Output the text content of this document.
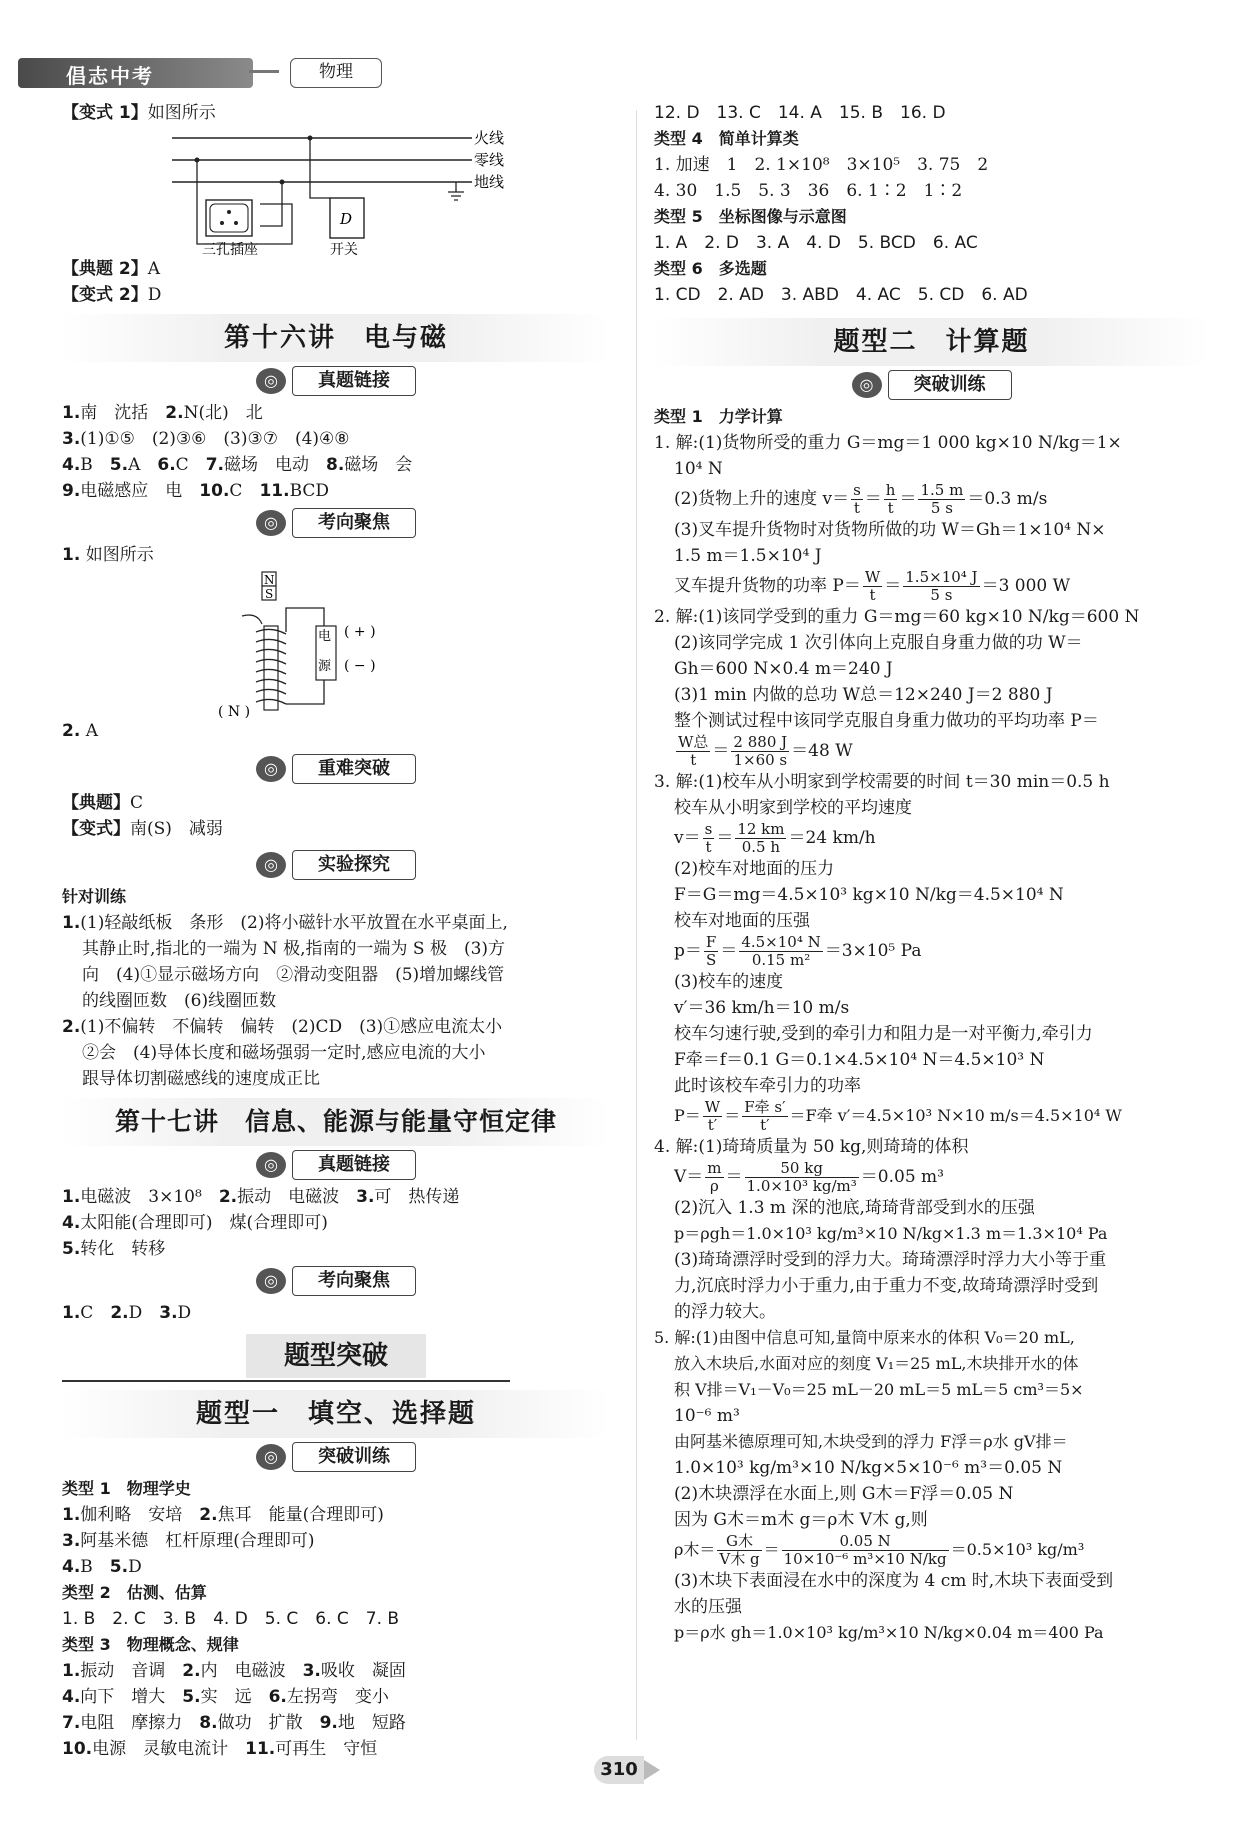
倡志中考	物理
【变式 1】如图所示
火线
零线
地线
D
三孔插座	开关
【典题 2】A
【变式 2】D
第十六讲　电与磁
◎	真题链接
1.南　沈括　2.N(北)　北
3.(1)①⑤　(2)③⑥　(3)③⑦　(4)④⑧
4.B　5.A　6.C　7.磁场　电动　8.磁场　会
9.电磁感应　电　10.C　11.BCD
◎	考向聚焦
1. 如图所示
N
S
电
源
( + )
( − )
( N )
2. A
◎	重难突破
【典题】C
【变式】南(S)　减弱
◎	实验探究
针对训练
1.(1)轻敲纸板　条形　(2)将小磁针水平放置在水平桌面上,
其静止时,指北的一端为 N 极,指南的一端为 S 极　(3)方
向　(4)①显示磁场方向　②滑动变阻器　(5)增加螺线管
的线圈匝数　(6)线圈匝数
2.(1)不偏转　不偏转　偏转　(2)CD　(3)①感应电流太小
②会　(4)导体长度和磁场强弱一定时,感应电流的大小
跟导体切割磁感线的速度成正比
第十七讲　信息、能源与能量守恒定律
◎	真题链接
1.电磁波　3×10⁸　2.振动　电磁波　3.可　热传递
4.太阳能(合理即可)　煤(合理即可)
5.转化　转移
◎	考向聚焦
1.C　2.D　3.D
题型突破
题型一　填空、选择题
◎	突破训练
类型 1　 物理学史
1.伽利略　安培　2.焦耳　能量(合理即可)
3.阿基米德　杠杆原理(合理即可)
4.B　5.D
类型 2　 估测、估算
1. B　2. C　3. B　4. D　5. C　6. C　7. B
类型 3　 物理概念、规律
1.振动　音调　2.内　电磁波　3.吸收　凝固
4.向下　增大　5.实　远　6.左拐弯　变小
7.电阻　摩擦力　8.做功　扩散　9.地　短路
10.电源　灵敏电流计　11.可再生　守恒
12. D　13. C　14. A　15. B　16. D
类型 4　 简单计算类
1. 加速　1　2. 1×10⁸　3×10⁵　3. 75　2
4. 30　1.5　5. 3　36　6. 1∶2　1∶2
类型 5　 坐标图像与示意图
1. A　2. D　3. A　4. D　5. BCD　6. AC
类型 6　 多选题
1. CD　2. AD　3. ABD　4. AC　5. CD　6. AD
题型二　计算题
◎	突破训练
类型 1　 力学计算
1. 解:(1)货物所受的重力 G＝mg＝1 000 kg×10 N/kg＝1×
10⁴ N
(2)货物上升的速度 $v= \frac{s}{t} = \frac{h}{t} = \frac{1.5 m}{5 s} =0.3$ m/s
(3)叉车提升货物时对货物所做的功 W＝Gh＝1×10⁴ N×
1.5 m＝1.5×10⁴ J
叉车提升货物的功率 $P= \frac{W}{t} = \frac{\text{1.5×10⁴ J}}{5 s} =3$ 000 W
2. 解:(1)该同学受到的重力 G＝mg＝60 kg×10 N/kg＝600 N
(2)该同学完成 1 次引体向上克服自身重力做的功 W＝
Gh＝600 N×0.4 m＝240 J
(3)1 min 内做的总功 W总＝12×240 J＝2 880 J
整个测试过程中该同学克服自身重力做功的平均功率 P＝
$\frac{\text{W总}}{t} = \frac{2 880 J}{1\times 60 s} =48$ W
3. 解:(1)校车从小明家到学校需要的时间 t＝30 min＝0.5 h
校车从小明家到学校的平均速度
$v= \frac{s}{t} = \frac{12 km}{0.5 h} =24$ km/h
(2)校车对地面的压力
F＝G＝mg＝4.5×10³ kg×10 N/kg＝4.5×10⁴ N
校车对地面的压强
$p= \frac{F}{S} = \frac{\text{4.5×10⁴ N}}{\text{0.15 m²}} =3\times 10^5$ Pa
(3)校车的速度
v′＝36 km/h＝10 m/s
校车匀速行驶,受到的牵引力和阻力是一对平衡力,牵引力
F牵＝f＝0.1 G＝0.1×4.5×10⁴ N＝4.5×10³ N
此时该校车牵引力的功率
$P= \frac{W}{t'} = \frac{\text{F牵 s′}}{t'} =F$牵 v′＝4.5×10³ N×10 m/s＝4.5×10⁴ W
4. 解:(1)琦琦质量为 50 kg,则琦琦的体积
$V= \frac{m}{\rho} = \frac{50 kg}{\text{1.0×10³ kg/m³}} =0.05$ m³
(2)沉入 1.3 m 深的池底,琦琦背部受到水的压强
p＝ρgh＝1.0×10³ kg/m³×10 N/kg×1.3 m＝1.3×10⁴ Pa
(3)琦琦漂浮时受到的浮力大。琦琦漂浮时浮力大小等于重
力,沉底时浮力小于重力,由于重力不变,故琦琦漂浮时受到
的浮力较大。
5. 解:(1)由图中信息可知,量筒中原来水的体积 V₀＝20 mL,
放入木块后,水面对应的刻度 V₁＝25 mL,木块排开水的体
积 V排＝V₁－V₀＝25 mL－20 mL＝5 mL＝5 cm³＝5×
10⁻⁶ m³
由阿基米德原理可知,木块受到的浮力 F浮＝ρ水 gV排＝
1.0×10³ kg/m³×10 N/kg×5×10⁻⁶ m³＝0.05 N
(2)木块漂浮在水面上,则 G木＝F浮＝0.05 N
因为 G木＝m木 g＝ρ木 V木 g,则
ρ木＝ $\frac{\text{G木}}{\text{V木 g}} = \frac{0.05 N}{\text{10×10⁻⁶ m³×10 N/kg}} =0.5\times 10^3$ kg/m³
(3)木块下表面浸在水中的深度为 4 cm 时,木块下表面受到
水的压强
p＝ρ水 gh＝1.0×10³ kg/m³×10 N/kg×0.04 m＝400 Pa
310
